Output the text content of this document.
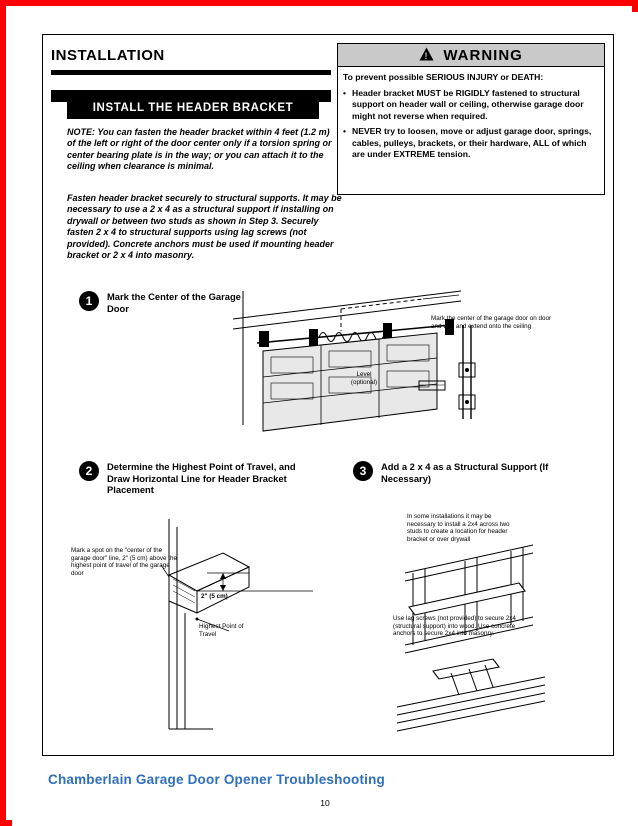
INSTALLATION
INSTALL THE HEADER BRACKET
! WARNING
To prevent possible SERIOUS INJURY or DEATH:
• Header bracket MUST be RIGIDLY fastened to structural support on header wall or ceiling, otherwise garage door might not reverse when required.
• NEVER try to loosen, move or adjust garage door, springs, cables, pulleys, brackets, or their hardware, ALL of which are under EXTREME tension.
NOTE: You can fasten the header bracket within 4 feet (1.2 m) of the left or right of the door center only if a torsion spring or center bearing plate is in the way; or you can attach it to the ceiling when clearance is minimal.
Fasten header bracket securely to structural supports. It may be necessary to use a 2 x 4 as a structural support if installing on drywall or between two studs as shown in Step 3. Securely fasten 2 x 4 to structural supports using lag screws (not provided). Concrete anchors must be used if mounting header bracket or 2 x 4 into masonry.
1	Mark the Center of the Garage Door
Mark the center of the garage door on door and wall and extend onto the ceiling
Level (optional)
2	Determine the Highest Point of Travel, and Draw Horizontal Line for Header Bracket Placement
Mark a spot on the "center of the garage door" line, 2" (5 cm) above the highest point of travel of the garage door
2" (5 cm)
Highest Point of Travel
3	Add a 2 x 4 as a Structural Support (If Necessary)
In some installations it may be necessary to install a 2x4 across two studs to create a location for header bracket or over drywall
Use lag screws (not provided) to secure 2x4 (structural support) into wood. Use concrete anchors to secure 2x4 into masonry.
Chamberlain Garage Door Opener Troubleshooting
10
